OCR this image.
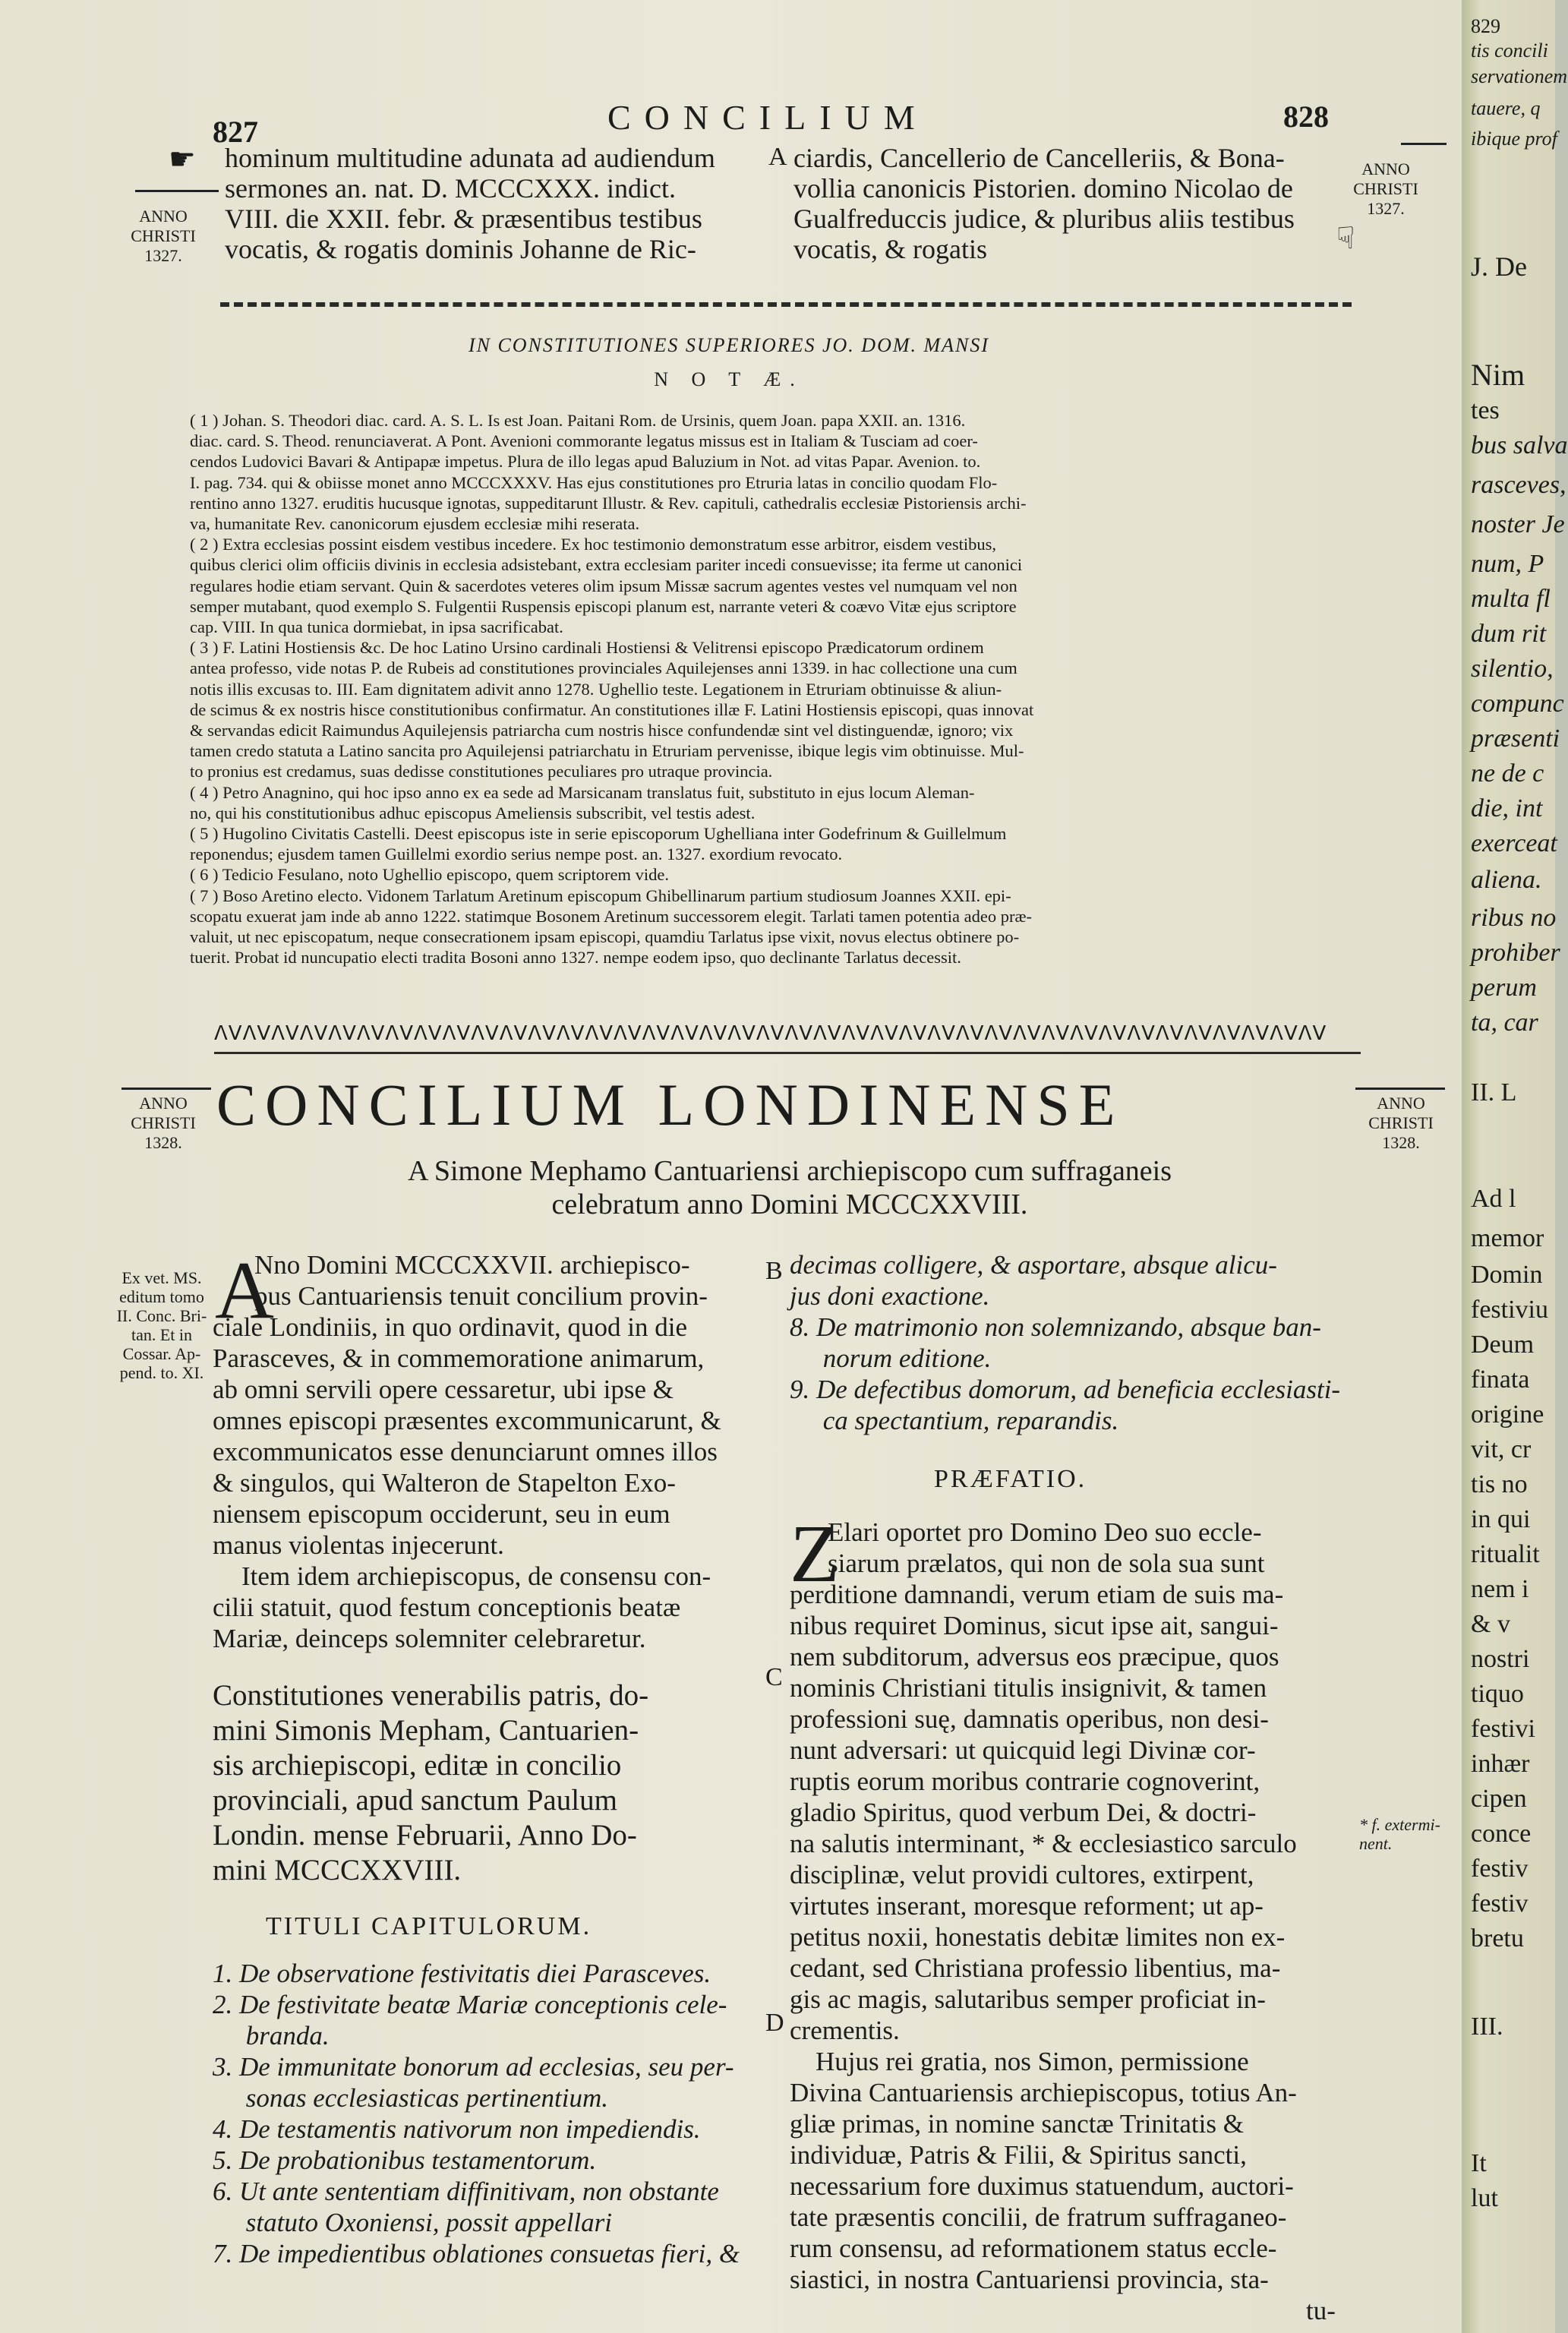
827	CONCILIUM	828
☛
ANNO
CHRISTI
1327.
ANNO
CHRISTI
1327.
☟
hominum multitudine adunata ad audiendum
sermones an. nat. D. MCCCXXX. indict.
VIII. die XXII. febr. & præsentibus testibus
vocatis, & rogatis dominis Johanne de Ric-
A ciardis, Cancellerio de Cancelleriis, & Bona-
vollia canonicis Pistorien. domino Nicolao de
Gualfreduccis judice, & pluribus aliis testibus
vocatis, & rogatis
IN CONSTITUTIONES SUPERIORES JO. DOM. MANSI
N O T Æ.
( 1 ) Johan. S. Theodori diac. card. A. S. L. Is est Joan. Paitani Rom. de Ursinis, quem Joan. papa XXII. an. 1316.
diac. card. S. Theod. renunciaverat. A Pont. Avenioni commorante legatus missus est in Italiam & Tusciam ad coer-
cendos Ludovici Bavari & Antipapæ impetus. Plura de illo legas apud Baluzium in Not. ad vitas Papar. Avenion. to.
I. pag. 734. qui & obiisse monet anno MCCCXXXV. Has ejus constitutiones pro Etruria latas in concilio quodam Flo-
rentino anno 1327. eruditis hucusque ignotas, suppeditarunt Illustr. & Rev. capituli, cathedralis ecclesiæ Pistoriensis archi-
va, humanitate Rev. canonicorum ejusdem ecclesiæ mihi reserata.
( 2 ) Extra ecclesias possint eisdem vestibus incedere. Ex hoc testimonio demonstratum esse arbitror, eisdem vestibus,
quibus clerici olim officiis divinis in ecclesia adsistebant, extra ecclesiam pariter incedi consuevisse; ita ferme ut canonici
regulares hodie etiam servant. Quin & sacerdotes veteres olim ipsum Missæ sacrum agentes vestes vel numquam vel non
semper mutabant, quod exemplo S. Fulgentii Ruspensis episcopi planum est, narrante veteri & coævo Vitæ ejus scriptore
cap. VIII. In qua tunica dormiebat, in ipsa sacrificabat.
( 3 ) F. Latini Hostiensis &c. De hoc Latino Ursino cardinali Hostiensi & Velitrensi episcopo Prædicatorum ordinem
antea professo, vide notas P. de Rubeis ad constitutiones provinciales Aquilejenses anni 1339. in hac collectione una cum
notis illis excusas to. III. Eam dignitatem adivit anno 1278. Ughellio teste. Legationem in Etruriam obtinuisse & aliun-
de scimus & ex nostris hisce constitutionibus confirmatur. An constitutiones illæ F. Latini Hostiensis episcopi, quas innovat
& servandas edicit Raimundus Aquilejensis patriarcha cum nostris hisce confundendæ sint vel distinguendæ, ignoro; vix
tamen credo statuta a Latino sancita pro Aquilejensi patriarchatu in Etruriam pervenisse, ibique legis vim obtinuisse. Mul-
to pronius est credamus, suas dedisse constitutiones peculiares pro utraque provincia.
( 4 ) Petro Anagnino, qui hoc ipso anno ex ea sede ad Marsicanam translatus fuit, substituto in ejus locum Aleman-
no, qui his constitutionibus adhuc episcopus Ameliensis subscribit, vel testis adest.
( 5 ) Hugolino Civitatis Castelli. Deest episcopus iste in serie episcoporum Ughelliana inter Godefrinum & Guillelmum
reponendus; ejusdem tamen Guillelmi exordio serius nempe post. an. 1327. exordium revocato.
( 6 ) Tedicio Fesulano, noto Ughellio episcopo, quem scriptorem vide.
( 7 ) Boso Aretino electo. Vidonem Tarlatum Aretinum episcopum Ghibellinarum partium studiosum Joannes XXII. epi-
scopatu exuerat jam inde ab anno 1222. statimque Bosonem Aretinum successorem elegit. Tarlati tamen potentia adeo præ-
valuit, ut nec episcopatum, neque consecrationem ipsam episcopi, quamdiu Tarlatus ipse vixit, novus electus obtinere po-
tuerit. Probat id nuncupatio electi tradita Bosoni anno 1327. nempe eodem ipso, quo declinante Tarlatus decessit.
ᐱᐯᐱᐯᐱᐯᐱᐯᐱᐯᐱᐯᐱᐯᐱᐯᐱᐯᐱᐯᐱᐯᐱᐯᐱᐯᐱᐯᐱᐯᐱᐯᐱᐯᐱᐯᐱᐯᐱᐯᐱᐯᐱᐯᐱᐯᐱᐯᐱᐯᐱᐯᐱᐯᐱᐯᐱᐯᐱᐯᐱᐯᐱᐯᐱᐯᐱᐯᐱᐯᐱᐯᐱᐯᐱᐯᐱᐯ
ANNO
CHRISTI
1328.
ANNO
CHRISTI
1328.
CONCILIUM LONDINENSE
A Simone Mephamo Cantuariensi archiepiscopo cum suffraganeis
celebratum anno Domini MCCCXXVIII.
Ex vet. MS.
editum tomo
II. Conc. Bri-
tan. Et in
Cossar. Ap-
pend. to. XI.
A
Nno Domini MCCCXXVII. archiepisco-
pus Cantuariensis tenuit concilium provin-
ciale Londiniis, in quo ordinavit, quod in die
Parasceves, & in commemoratione animarum,
ab omni servili opere cessaretur, ubi ipse &
omnes episcopi præsentes excommunicarunt, &
excommunicatos esse denunciarunt omnes illos
& singulos, qui Walteron de Stapelton Exo-
niensem episcopum occiderunt, seu in eum
manus violentas injecerunt.
Item idem archiepiscopus, de consensu con-
cilii statuit, quod festum conceptionis beatæ
Mariæ, deinceps solemniter celebraretur.
Constitutiones venerabilis patris, do-
mini Simonis Mepham, Cantuarien-
sis archiepiscopi, editæ in concilio
provinciali, apud sanctum Paulum
Londin. mense Februarii, Anno Do-
mini MCCCXXVIII.
TITULI CAPITULORUM.
1. De observatione festivitatis diei Parasceves.
2. De festivitate beatæ Mariæ conceptionis cele-
branda.
3. De immunitate bonorum ad ecclesias, seu per-
sonas ecclesiasticas pertinentium.
4. De testamentis nativorum non impediendis.
5. De probationibus testamentorum.
6. Ut ante sententiam diffinitivam, non obstante
statuto Oxoniensi, possit appellari
7. De impedientibus oblationes consuetas fieri, &
B
C
D
decimas colligere, & asportare, absque alicu-
jus doni exactione.
8. De matrimonio non solemnizando, absque ban-
norum editione.
9. De defectibus domorum, ad beneficia ecclesiasti-
ca spectantium, reparandis.
PRÆFATIO.
Z
Elari oportet pro Domino Deo suo eccle-
siarum prælatos, qui non de sola sua sunt
perditione damnandi, verum etiam de suis ma-
nibus requiret Dominus, sicut ipse ait, sangui-
nem subditorum, adversus eos præcipue, quos
nominis Christiani titulis insignivit, & tamen
professioni suę, damnatis operibus, non desi-
nunt adversari: ut quicquid legi Divinæ cor-
ruptis eorum moribus contrarie cognoverint,
gladio Spiritus, quod verbum Dei, & doctri-
na salutis interminant, * & ecclesiastico sarculo
disciplinæ, velut providi cultores, extirpent,
virtutes inserant, moresque reforment; ut ap-
petitus noxii, honestatis debitæ limites non ex-
cedant, sed Christiana professio libentius, ma-
gis ac magis, salutaribus semper proficiat in-
crementis.
Hujus rei gratia, nos Simon, permissione
Divina Cantuariensis archiepiscopus, totius An-
gliæ primas, in nomine sanctæ Trinitatis &
individuæ, Patris & Filii, & Spiritus sancti,
necessarium fore duximus statuendum, auctori-
tate præsentis concilii, de fratrum suffraganeo-
rum consensu, ad reformationem status eccle-
siastici, in nostra Cantuariensi provincia, sta-
tu-
* f. extermi-
nent.
829
tis concili
servationem
tauere, q
ibique prof
J. De
Nim
tes
bus salva
rasceves,
noster Je
num, P
multa fl
dum rit
silentio,
compunc
præsenti
ne de c
die, int
exerceat
aliena.
ribus no
prohiber
perum
ta, car
II. L
Ad l
memor
Domin
festiviu
Deum
finata
origine
vit, cr
tis no
in qui
ritualit
nem i
& v
nostri
tiquo
festivi
inhær
cipen
conce
festiv
festiv
bretu
III.
It
lut
